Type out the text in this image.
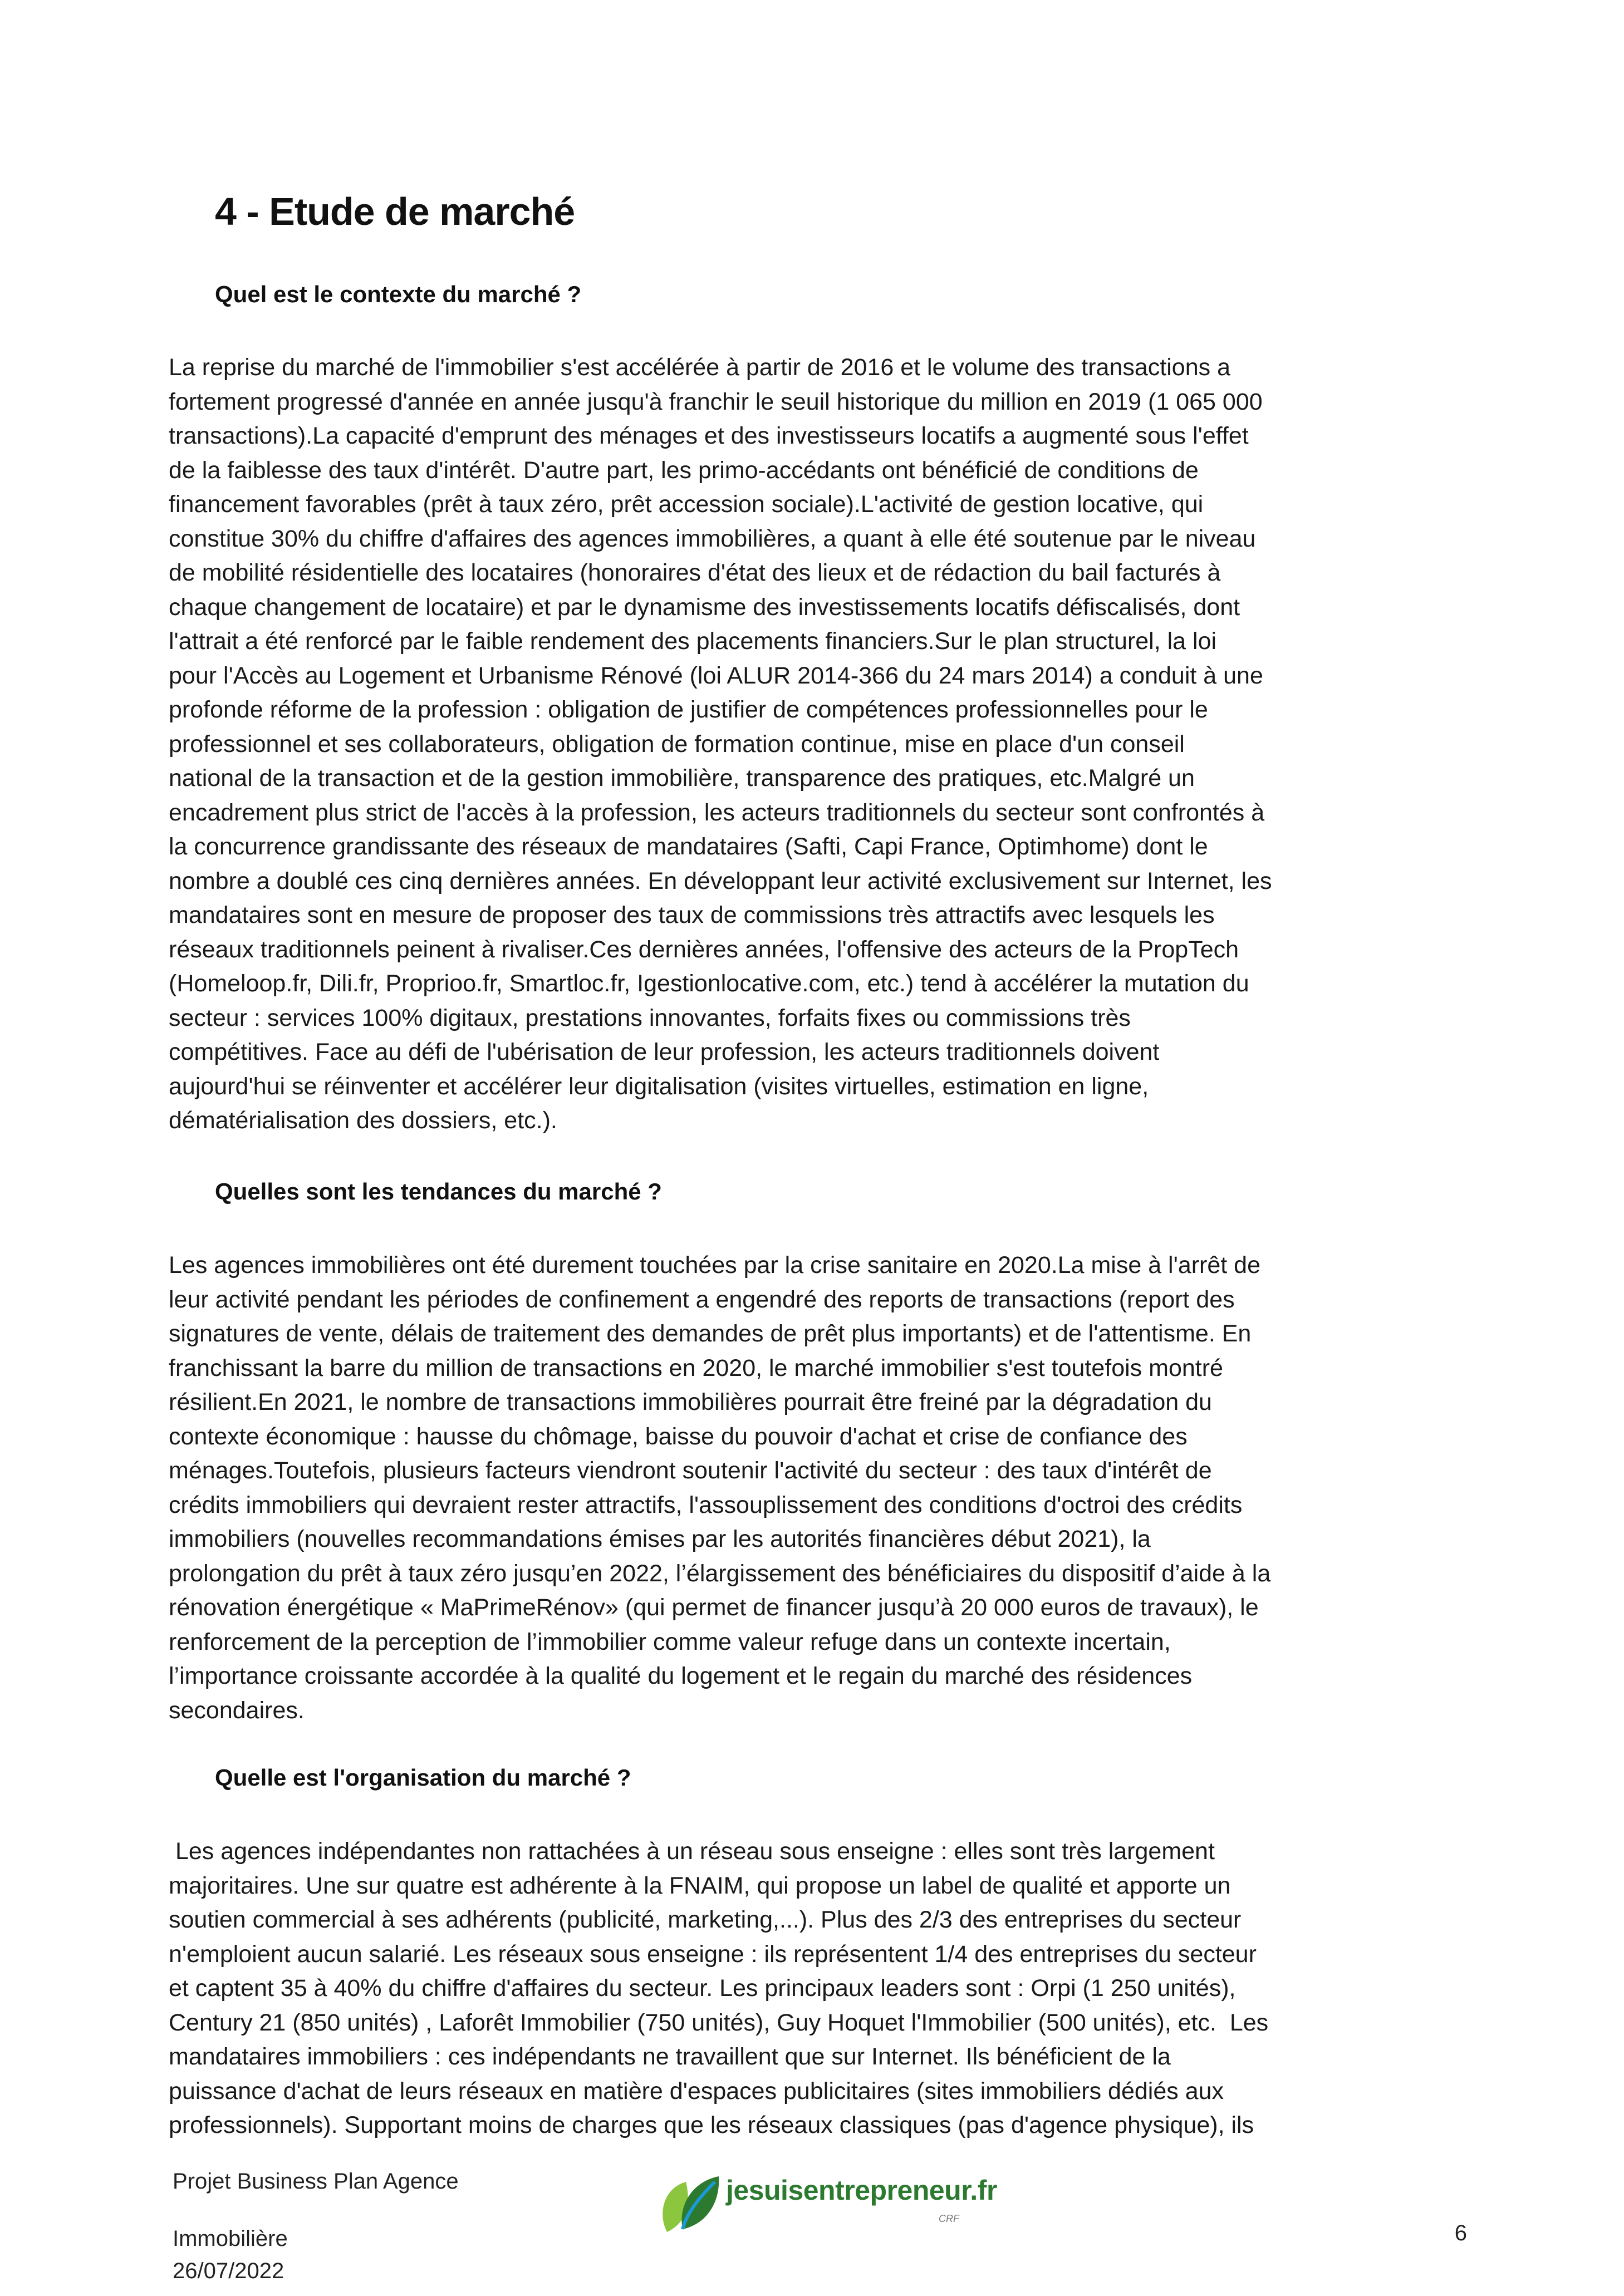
4 - Etude de marché
Quel est le contexte du marché ?
La reprise du marché de l'immobilier s'est accélérée à partir de 2016 et le volume des transactions a
fortement progressé d'année en année jusqu'à franchir le seuil historique du million en 2019 (1 065 000
transactions).La capacité d'emprunt des ménages et des investisseurs locatifs a augmenté sous l'effet
de la faiblesse des taux d'intérêt. D'autre part, les primo-accédants ont bénéficié de conditions de
financement favorables (prêt à taux zéro, prêt accession sociale).L'activité de gestion locative, qui
constitue 30% du chiffre d'affaires des agences immobilières, a quant à elle été soutenue par le niveau
de mobilité résidentielle des locataires (honoraires d'état des lieux et de rédaction du bail facturés à
chaque changement de locataire) et par le dynamisme des investissements locatifs défiscalisés, dont
l'attrait a été renforcé par le faible rendement des placements financiers.Sur le plan structurel, la loi
pour l'Accès au Logement et Urbanisme Rénové (loi ALUR 2014-366 du 24 mars 2014) a conduit à une
profonde réforme de la profession : obligation de justifier de compétences professionnelles pour le
professionnel et ses collaborateurs, obligation de formation continue, mise en place d'un conseil
national de la transaction et de la gestion immobilière, transparence des pratiques, etc.Malgré un
encadrement plus strict de l'accès à la profession, les acteurs traditionnels du secteur sont confrontés à
la concurrence grandissante des réseaux de mandataires (Safti, Capi France, Optimhome) dont le
nombre a doublé ces cinq dernières années. En développant leur activité exclusivement sur Internet, les
mandataires sont en mesure de proposer des taux de commissions très attractifs avec lesquels les
réseaux traditionnels peinent à rivaliser.Ces dernières années, l'offensive des acteurs de la PropTech
(Homeloop.fr, Dili.fr, Proprioo.fr, Smartloc.fr, Igestionlocative.com, etc.) tend à accélérer la mutation du
secteur : services 100% digitaux, prestations innovantes, forfaits fixes ou commissions très
compétitives. Face au défi de l'ubérisation de leur profession, les acteurs traditionnels doivent
aujourd'hui se réinventer et accélérer leur digitalisation (visites virtuelles, estimation en ligne,
dématérialisation des dossiers, etc.).
Quelles sont les tendances du marché ?
Les agences immobilières ont été durement touchées par la crise sanitaire en 2020.La mise à l'arrêt de
leur activité pendant les périodes de confinement a engendré des reports de transactions (report des
signatures de vente, délais de traitement des demandes de prêt plus importants) et de l'attentisme. En
franchissant la barre du million de transactions en 2020, le marché immobilier s'est toutefois montré
résilient.En 2021, le nombre de transactions immobilières pourrait être freiné par la dégradation du
contexte économique : hausse du chômage, baisse du pouvoir d'achat et crise de confiance des
ménages.Toutefois, plusieurs facteurs viendront soutenir l'activité du secteur : des taux d'intérêt de
crédits immobiliers qui devraient rester attractifs, l'assouplissement des conditions d'octroi des crédits
immobiliers (nouvelles recommandations émises par les autorités financières début 2021), la
prolongation du prêt à taux zéro jusqu’en 2022, l’élargissement des bénéficiaires du dispositif d’aide à la
rénovation énergétique « MaPrimeRénov» (qui permet de financer jusqu’à 20 000 euros de travaux), le
renforcement de la perception de l’immobilier comme valeur refuge dans un contexte incertain,
l’importance croissante accordée à la qualité du logement et le regain du marché des résidences
secondaires.
Quelle est l'organisation du marché ?
Les agences indépendantes non rattachées à un réseau sous enseigne : elles sont très largement
majoritaires. Une sur quatre est adhérente à la FNAIM, qui propose un label de qualité et apporte un
soutien commercial à ses adhérents (publicité, marketing,...). Plus des 2/3 des entreprises du secteur
n'emploient aucun salarié. Les réseaux sous enseigne : ils représentent 1/4 des entreprises du secteur
et captent 35 à 40% du chiffre d'affaires du secteur. Les principaux leaders sont : Orpi (1 250 unités),
Century 21 (850 unités) , Laforêt Immobilier (750 unités), Guy Hoquet l'Immobilier (500 unités), etc.  Les
mandataires immobiliers : ces indépendants ne travaillent que sur Internet. Ils bénéficient de la
puissance d'achat de leurs réseaux en matière d'espaces publicitaires (sites immobiliers dédiés aux
professionnels). Supportant moins de charges que les réseaux classiques (pas d'agence physique), ils
Projet Business Plan Agence
Immobilière
26/07/2022
jesuisentrepreneur.fr
CRF
6
